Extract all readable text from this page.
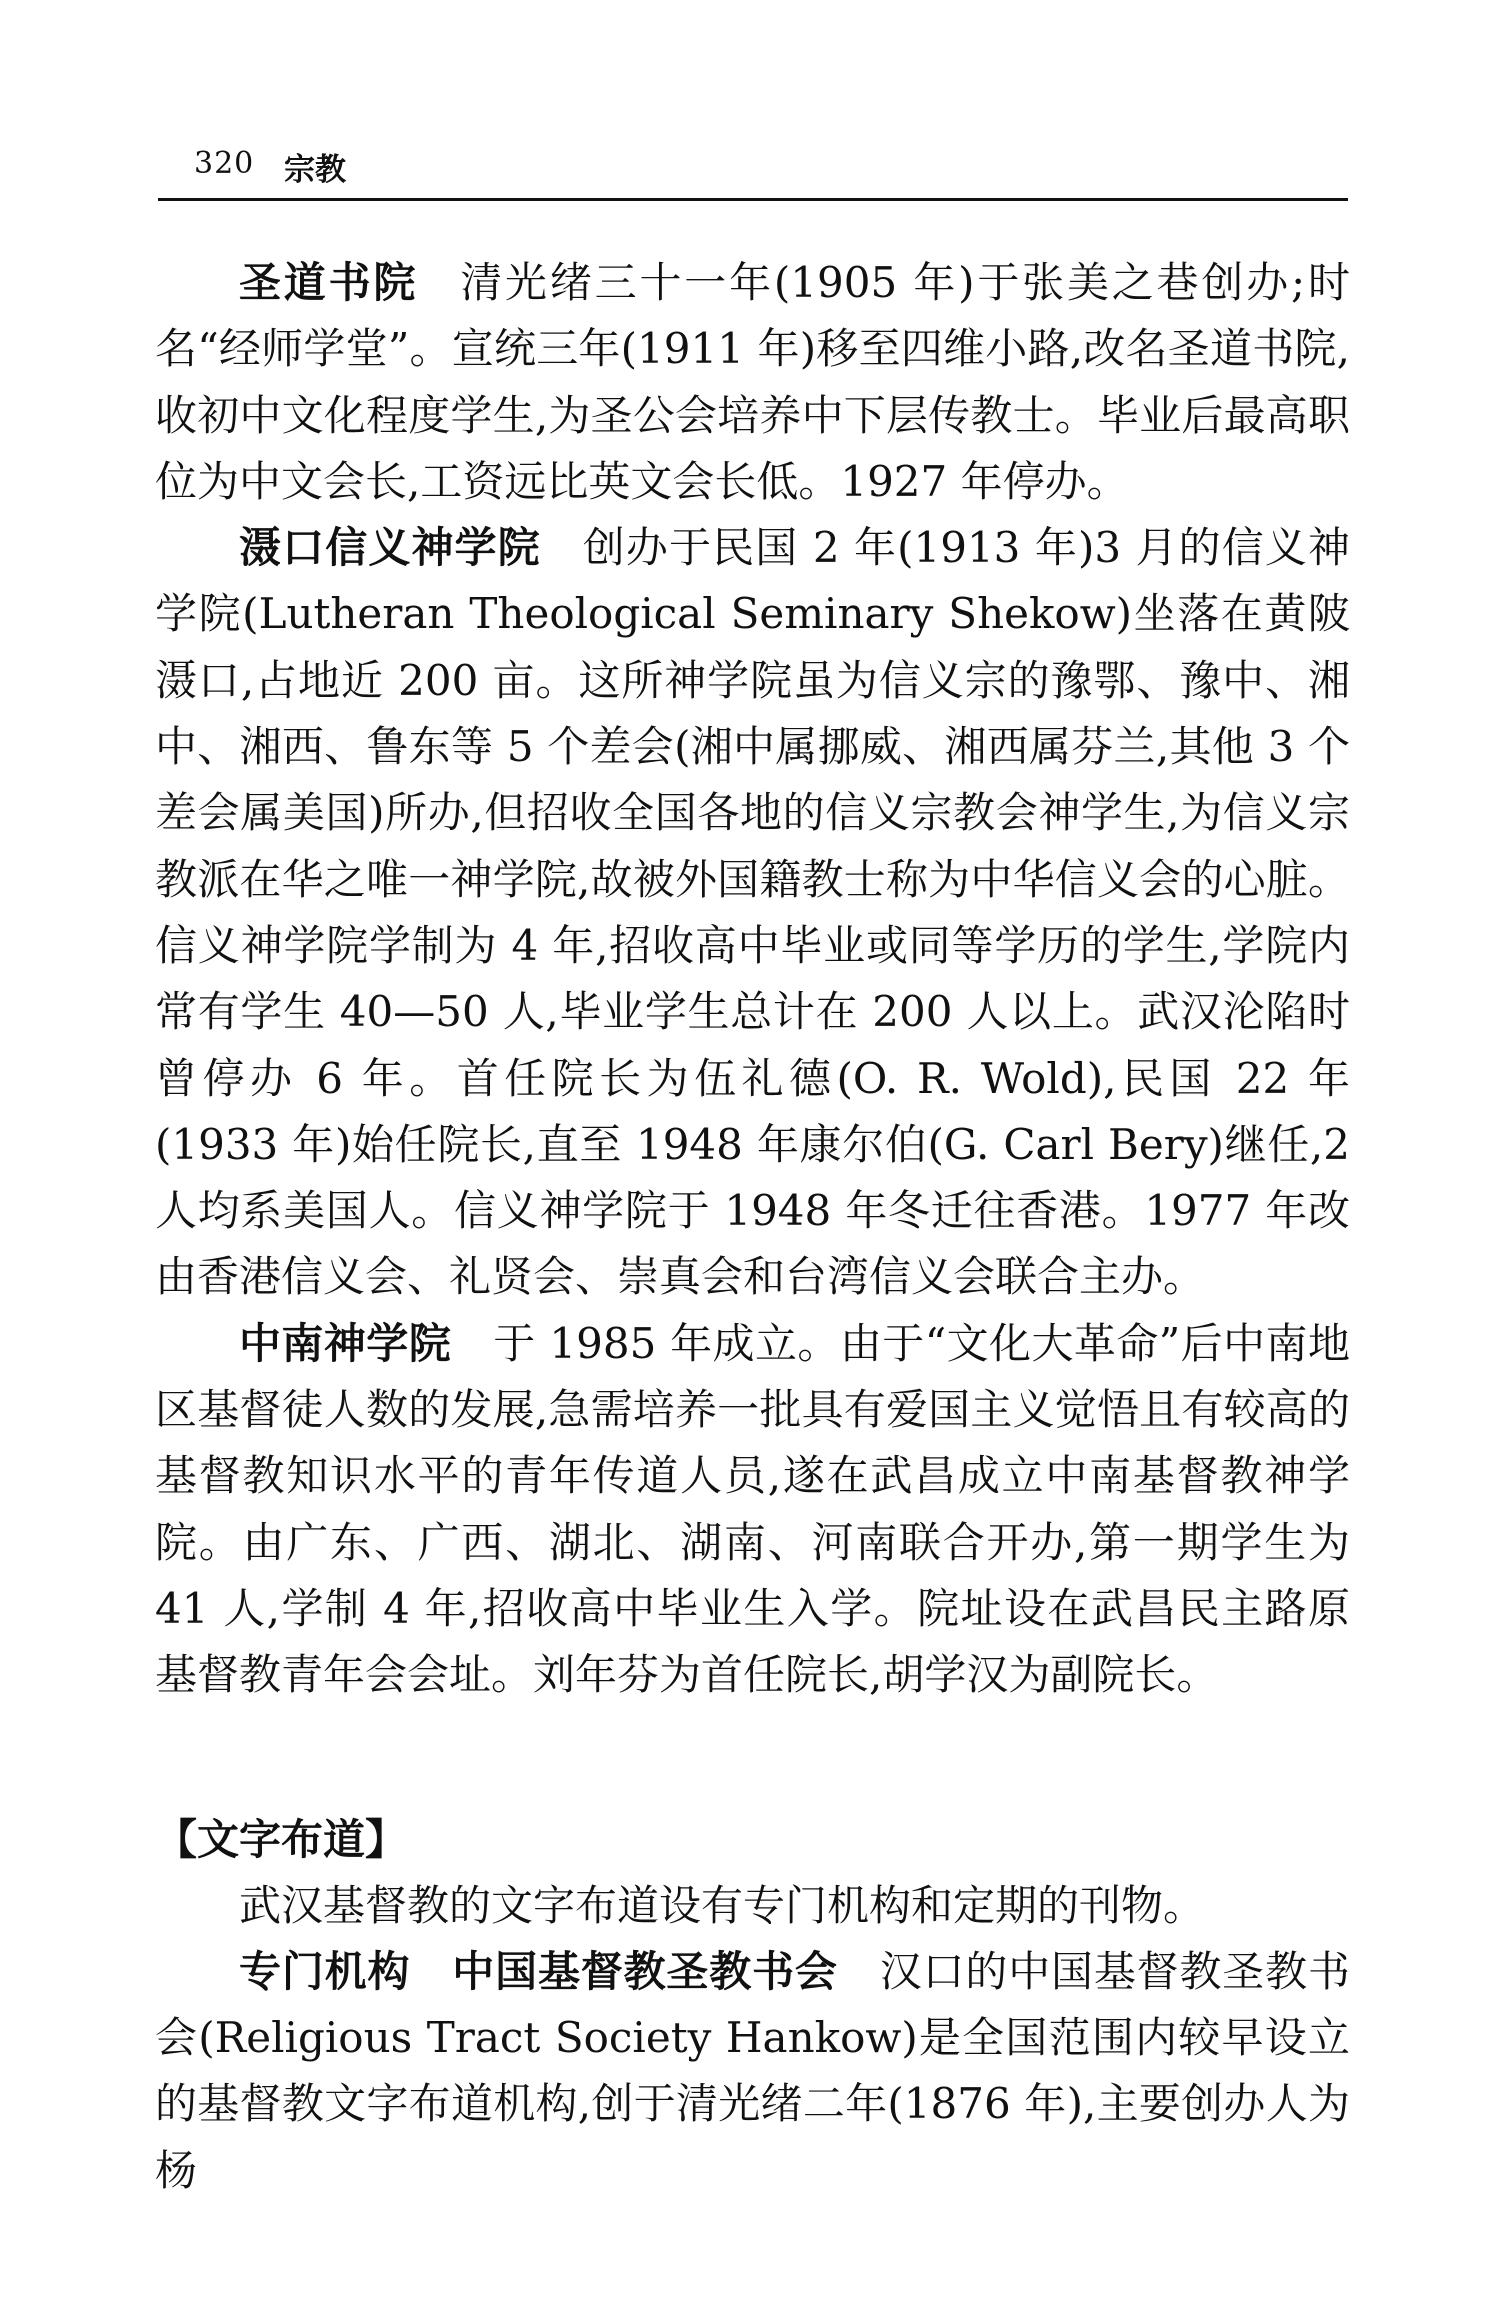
320 宗教

圣道书院 清光绪三十一年(1905 年)于张美之巷创办;时名“经师学堂”。宣统三年(1911 年)移至四维小路,改名圣道书院,收初中文化程度学生,为圣公会培养中下层传教士。毕业后最高职位为中文会长,工资远比英文会长低。1927 年停办。

滠口信义神学院 创办于民国 2 年(1913 年)3 月的信义神学院(Lutheran Theological Seminary Shekow)坐落在黄陂滠口,占地近 200 亩。这所神学院虽为信义宗的豫鄂、豫中、湘中、湘西、鲁东等 5 个差会(湘中属挪威、湘西属芬兰,其他 3 个差会属美国)所办,但招收全国各地的信义宗教会神学生,为信义宗教派在华之唯一神学院,故被外国籍教士称为中华信义会的心脏。信义神学院学制为 4 年,招收高中毕业或同等学历的学生,学院内常有学生 40—50 人,毕业学生总计在 200 人以上。武汉沦陷时曾停办 6 年。首任院长为伍礼德(O. R. Wold),民国 22 年(1933 年)始任院长,直至 1948 年康尔伯(G. Carl Bery)继任,2 人均系美国人。信义神学院于 1948 年冬迁往香港。1977 年改由香港信义会、礼贤会、崇真会和台湾信义会联合主办。

中南神学院 于 1985 年成立。由于“文化大革命”后中南地区基督徒人数的发展,急需培养一批具有爱国主义觉悟且有较高的基督教知识水平的青年传道人员,遂在武昌成立中南基督教神学院。由广东、广西、湖北、湖南、河南联合开办,第一期学生为 41 人,学制 4 年,招收高中毕业生入学。院址设在武昌民主路原基督教青年会会址。刘年芬为首任院长,胡学汉为副院长。

【文字布道】

武汉基督教的文字布道设有专门机构和定期的刊物。

专门机构 中国基督教圣教书会 汉口的中国基督教圣教书会(Religious Tract Society Hankow)是全国范围内较早设立的基督教文字布道机构,创于清光绪二年(1876 年),主要创办人为杨
